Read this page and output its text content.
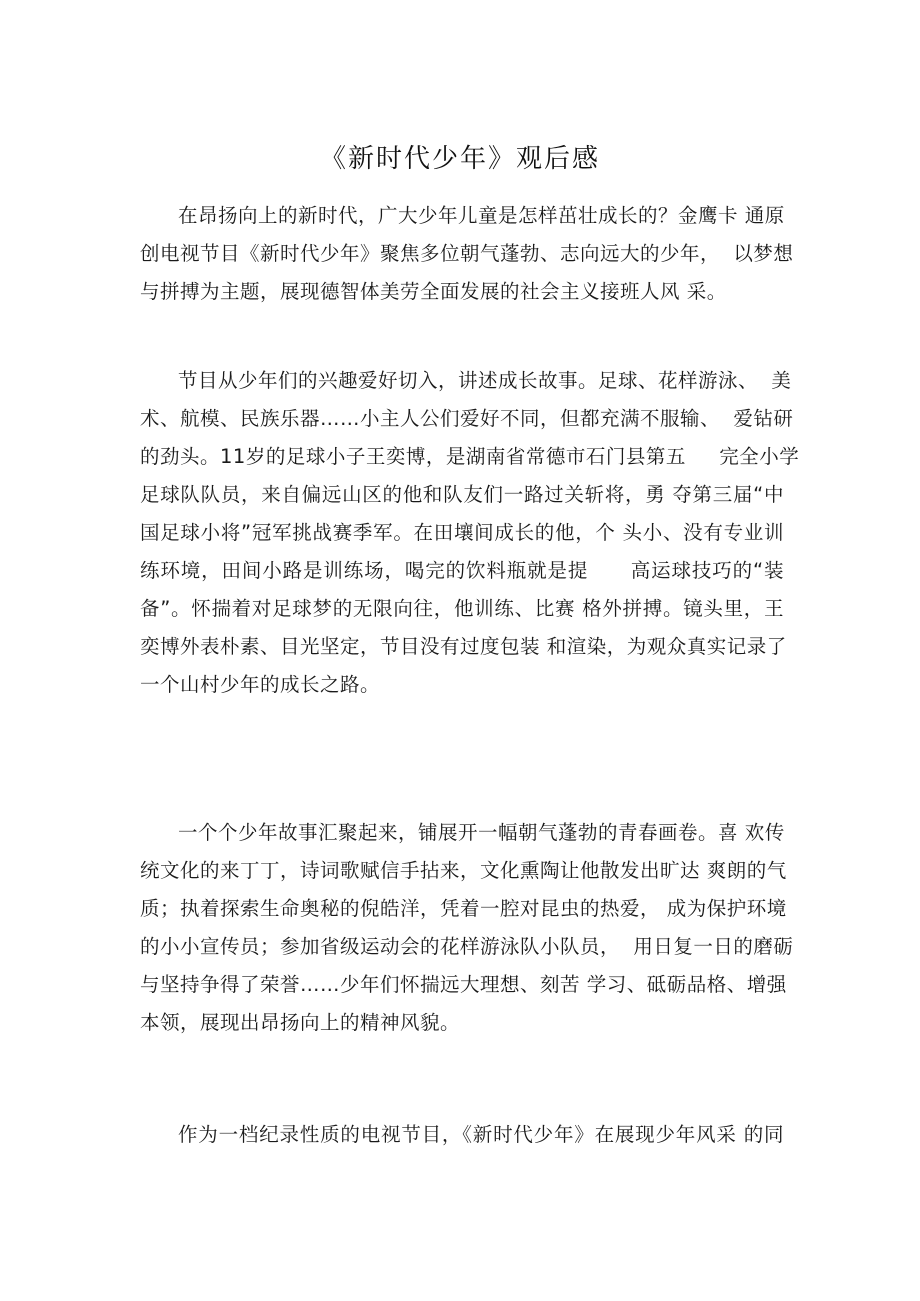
《新时代少年》观后感
在昂扬向上的新时代，广大少年儿童是怎样茁壮成长的？金鹰卡 通原
创电视节目《新时代少年》聚焦多位朝气蓬勃、志向远大的少年，  以梦想
与拼搏为主题，展现德智体美劳全面发展的社会主义接班人风 采。
节目从少年们的兴趣爱好切入，讲述成长故事。足球、花样游泳、  美
术、航模、民族乐器……小主人公们爱好不同，但都充满不服输、  爱钻研
的劲头。11岁的足球小子王奕博，是湖南省常德市石门县第五     完全小学
足球队队员，来自偏远山区的他和队友们一路过关斩将，勇 夺第三届“中
国足球小将”冠军挑战赛季军。在田壤间成长的他，个 头小、没有专业训
练环境，田间小路是训练场，喝完的饮料瓶就是提      高运球技巧的“装
备”。怀揣着对足球梦的无限向往，他训练、比赛 格外拼搏。镜头里，王
奕博外表朴素、目光坚定，节目没有过度包装 和渲染，为观众真实记录了
一个山村少年的成长之路。
一个个少年故事汇聚起来，铺展开一幅朝气蓬勃的青春画卷。喜 欢传
统文化的来丁丁，诗词歌赋信手拈来，文化熏陶让他散发出旷达 爽朗的气
质；执着探索生命奥秘的倪皓洋，凭着一腔对昆虫的热爱， 成为保护环境
的小小宣传员；参加省级运动会的花样游泳队小队员，  用日复一日的磨砺
与坚持争得了荣誉……少年们怀揣远大理想、刻苦 学习、砥砺品格、增强
本领，展现出昂扬向上的精神风貌。
作为一档纪录性质的电视节目，《新时代少年》在展现少年风采 的同
